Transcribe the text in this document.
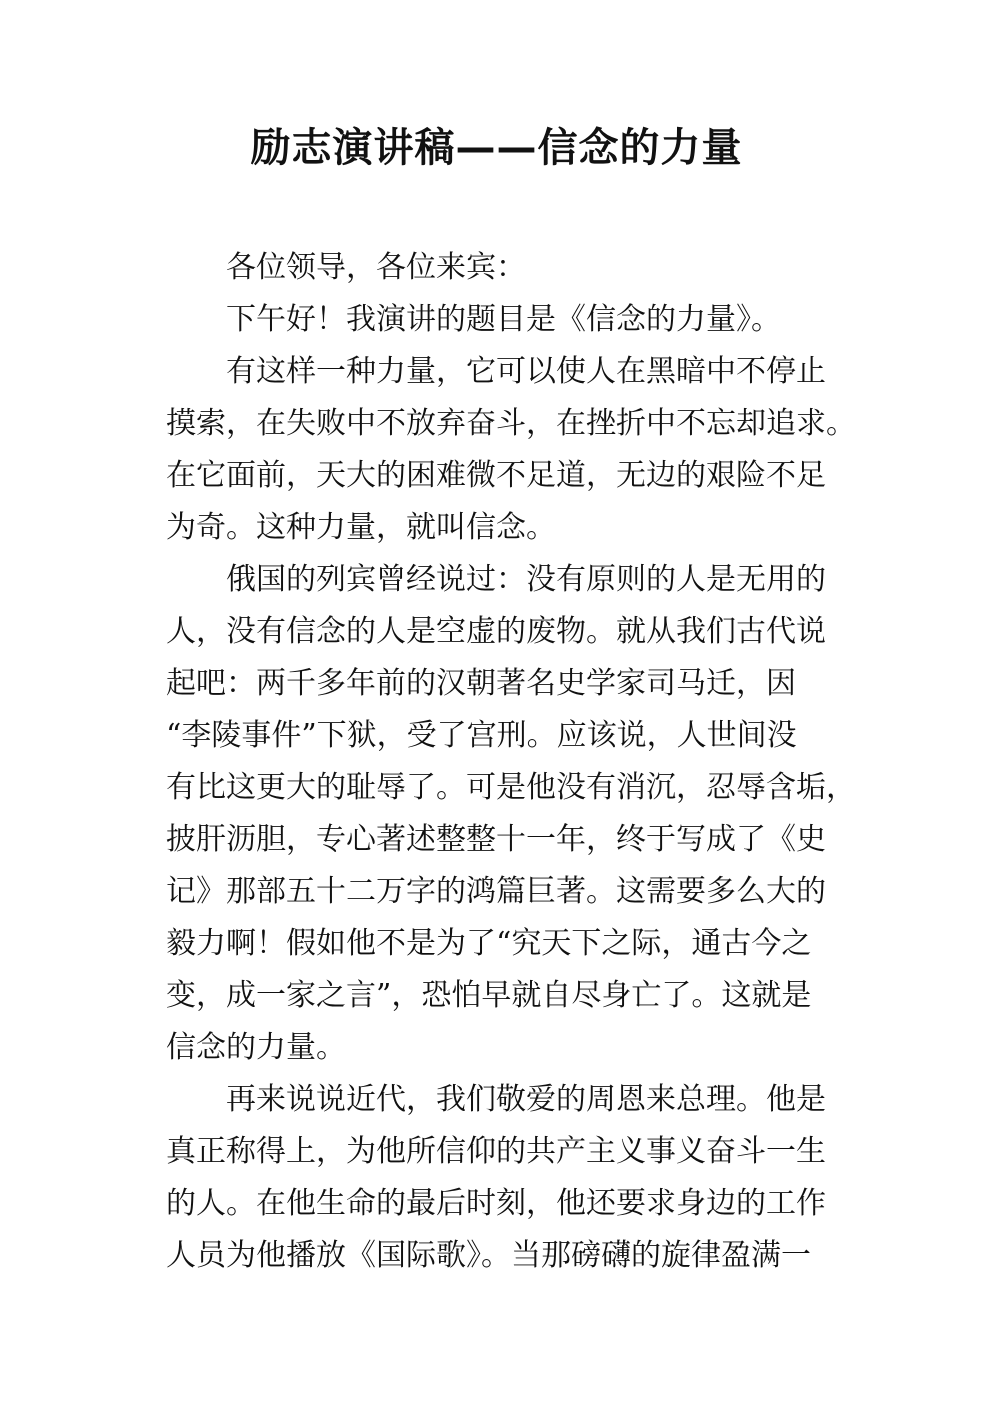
励志演讲稿——信念的力量
各位领导，各位来宾：
下午好！我演讲的题目是《信念的力量》。
有这样一种力量，它可以使人在黑暗中不停止
摸索，在失败中不放弃奋斗，在挫折中不忘却追求。
在它面前，天大的困难微不足道，无边的艰险不足
为奇。这种力量，就叫信念。
俄国的列宾曾经说过：没有原则的人是无用的
人，没有信念的人是空虚的废物。就从我们古代说
起吧：两千多年前的汉朝著名史学家司马迁，因
“李陵事件”下狱，受了宫刑。应该说，人世间没
有比这更大的耻辱了。可是他没有消沉，忍辱含垢，
披肝沥胆，专心著述整整十一年，终于写成了《史
记》那部五十二万字的鸿篇巨著。这需要多么大的
毅力啊！假如他不是为了“究天下之际，通古今之
变，成一家之言”，恐怕早就自尽身亡了。这就是
信念的力量。
再来说说近代，我们敬爱的周恩来总理。他是
真正称得上，为他所信仰的共产主义事义奋斗一生
的人。在他生命的最后时刻，他还要求身边的工作
人员为他播放《国际歌》。当那磅礴的旋律盈满一
